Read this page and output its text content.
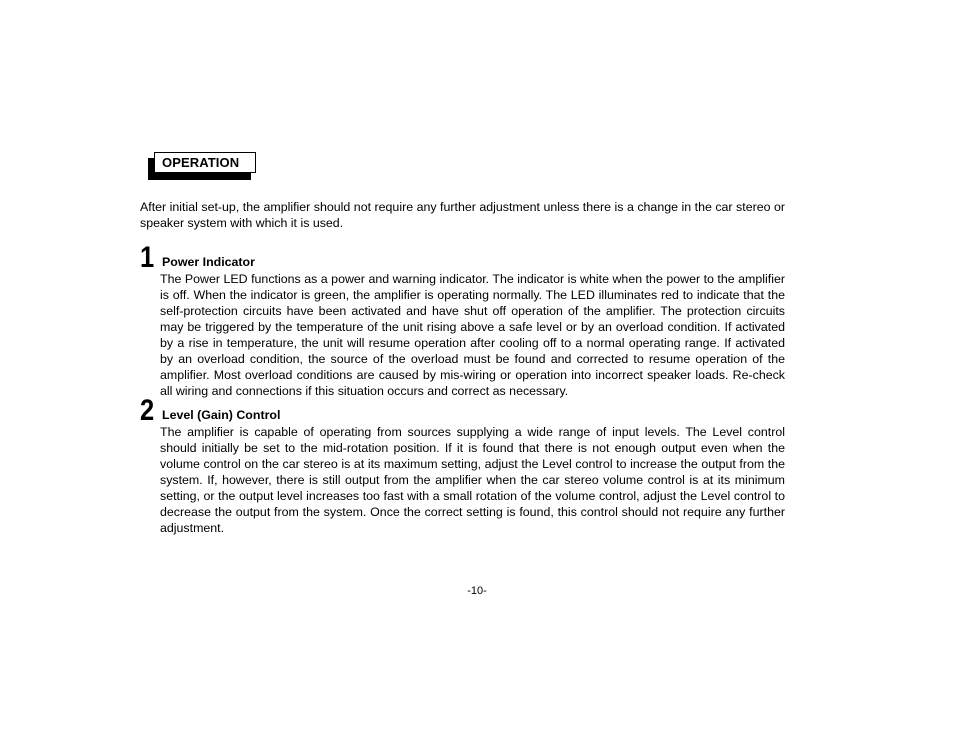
OPERATION
After initial set-up, the amplifier should not require any further adjustment unless there is a change in the car stereo or speaker system with which it is used.
1 Power Indicator
The Power LED functions as a power and warning indicator. The indicator is white when the power to the amplifier is off. When the indicator is green, the amplifier is operating normally. The LED illuminates red to indicate that the self-protection circuits have been activated and have shut off operation of the amplifier. The protection circuits may be triggered by the temperature of the unit rising above a safe level or by an overload condition. If activated by a rise in temperature, the unit will resume operation after cooling off to a normal operating range. If activated by an overload condition, the source of the overload must be found and corrected to resume operation of the amplifier. Most overload conditions are caused by mis-wiring or operation into incorrect speaker loads. Re-check all wiring and connections if this situation occurs and correct as necessary.
2 Level (Gain) Control
The amplifier is capable of operating from sources supplying a wide range of input levels. The Level control should initially be set to the mid-rotation position. If it is found that there is not enough output even when the volume control on the car stereo is at its maximum setting, adjust the Level control to increase the output from the system. If, however, there is still output from the amplifier when the car stereo volume control is at its minimum setting, or the output level increases too fast with a small rotation of the volume control, adjust the Level control to decrease the output from the system. Once the correct setting is found, this control should not require any further adjustment.
-10-
